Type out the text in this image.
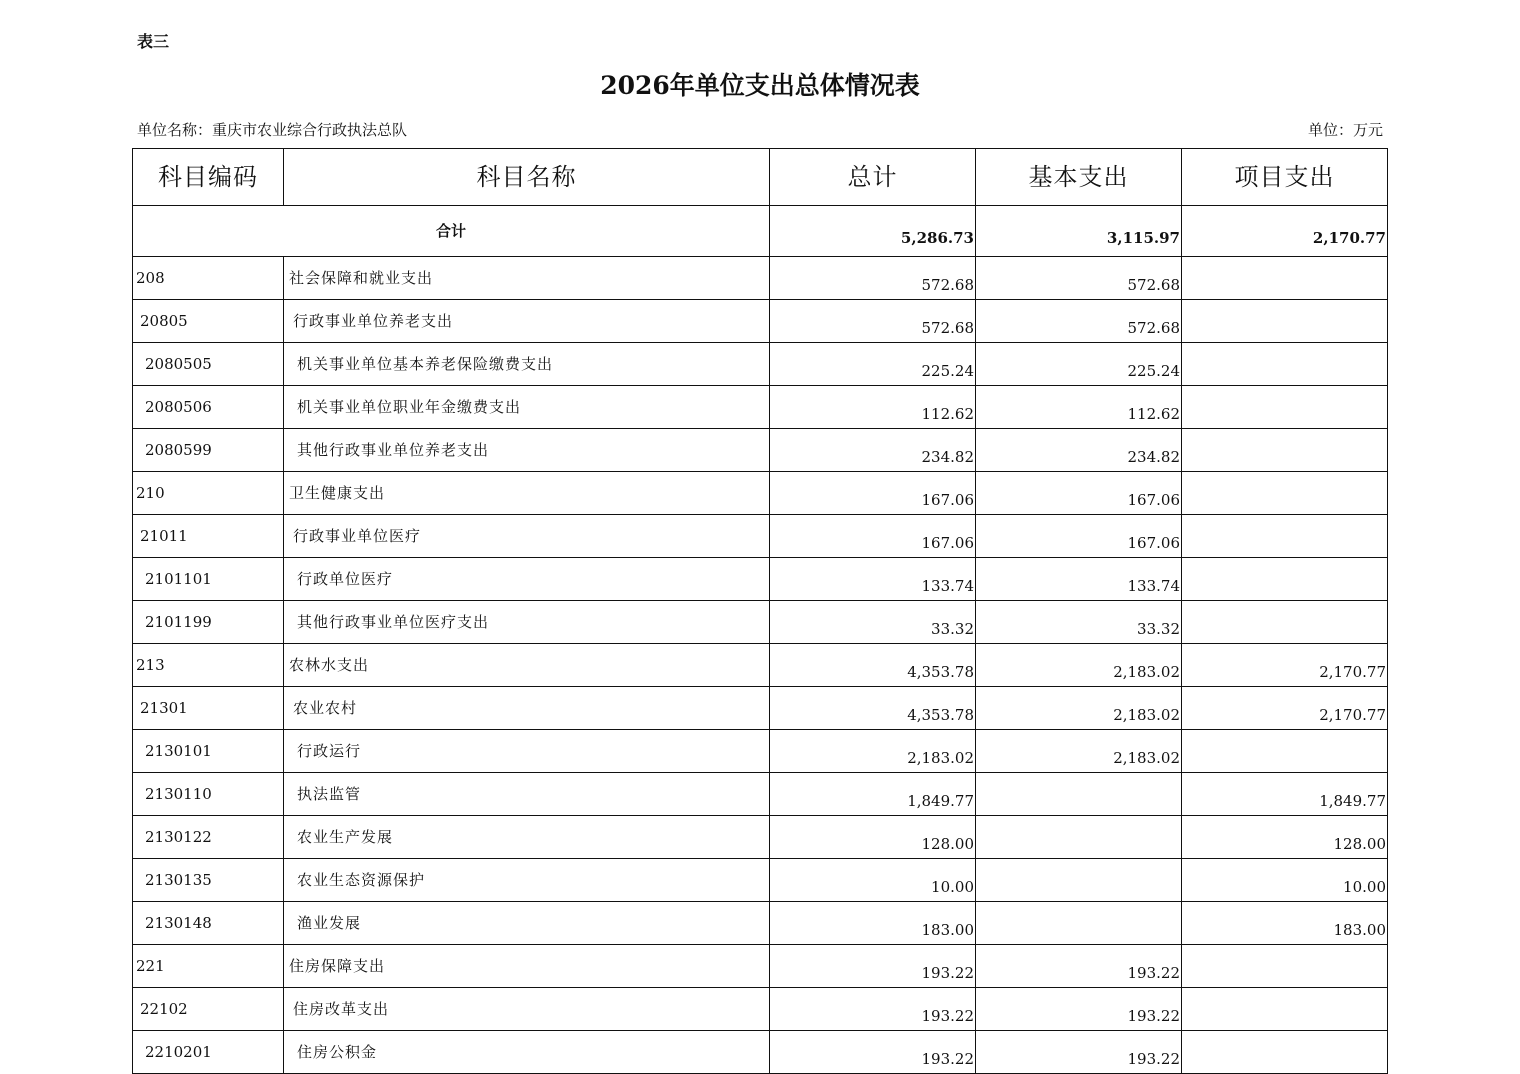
表三
2026年单位支出总体情况表
单位名称：重庆市农业综合行政执法总队	单位：万元
科目编码	科目名称	总计	基本支出	项目支出
合计		5,286.73	3,115.97	2,170.77
208	社会保障和就业支出	572.68	572.68	
20805	行政事业单位养老支出	572.68	572.68	
2080505	机关事业单位基本养老保险缴费支出	225.24	225.24	
2080506	机关事业单位职业年金缴费支出	112.62	112.62	
2080599	其他行政事业单位养老支出	234.82	234.82	
210	卫生健康支出	167.06	167.06	
21011	行政事业单位医疗	167.06	167.06	
2101101	行政单位医疗	133.74	133.74	
2101199	其他行政事业单位医疗支出	33.32	33.32	
213	农林水支出	4,353.78	2,183.02	2,170.77
21301	农业农村	4,353.78	2,183.02	2,170.77
2130101	行政运行	2,183.02	2,183.02	
2130110	执法监管	1,849.77		1,849.77
2130122	农业生产发展	128.00		128.00
2130135	农业生态资源保护	10.00		10.00
2130148	渔业发展	183.00		183.00
221	住房保障支出	193.22	193.22	
22102	住房改革支出	193.22	193.22	
2210201	住房公积金	193.22	193.22	
